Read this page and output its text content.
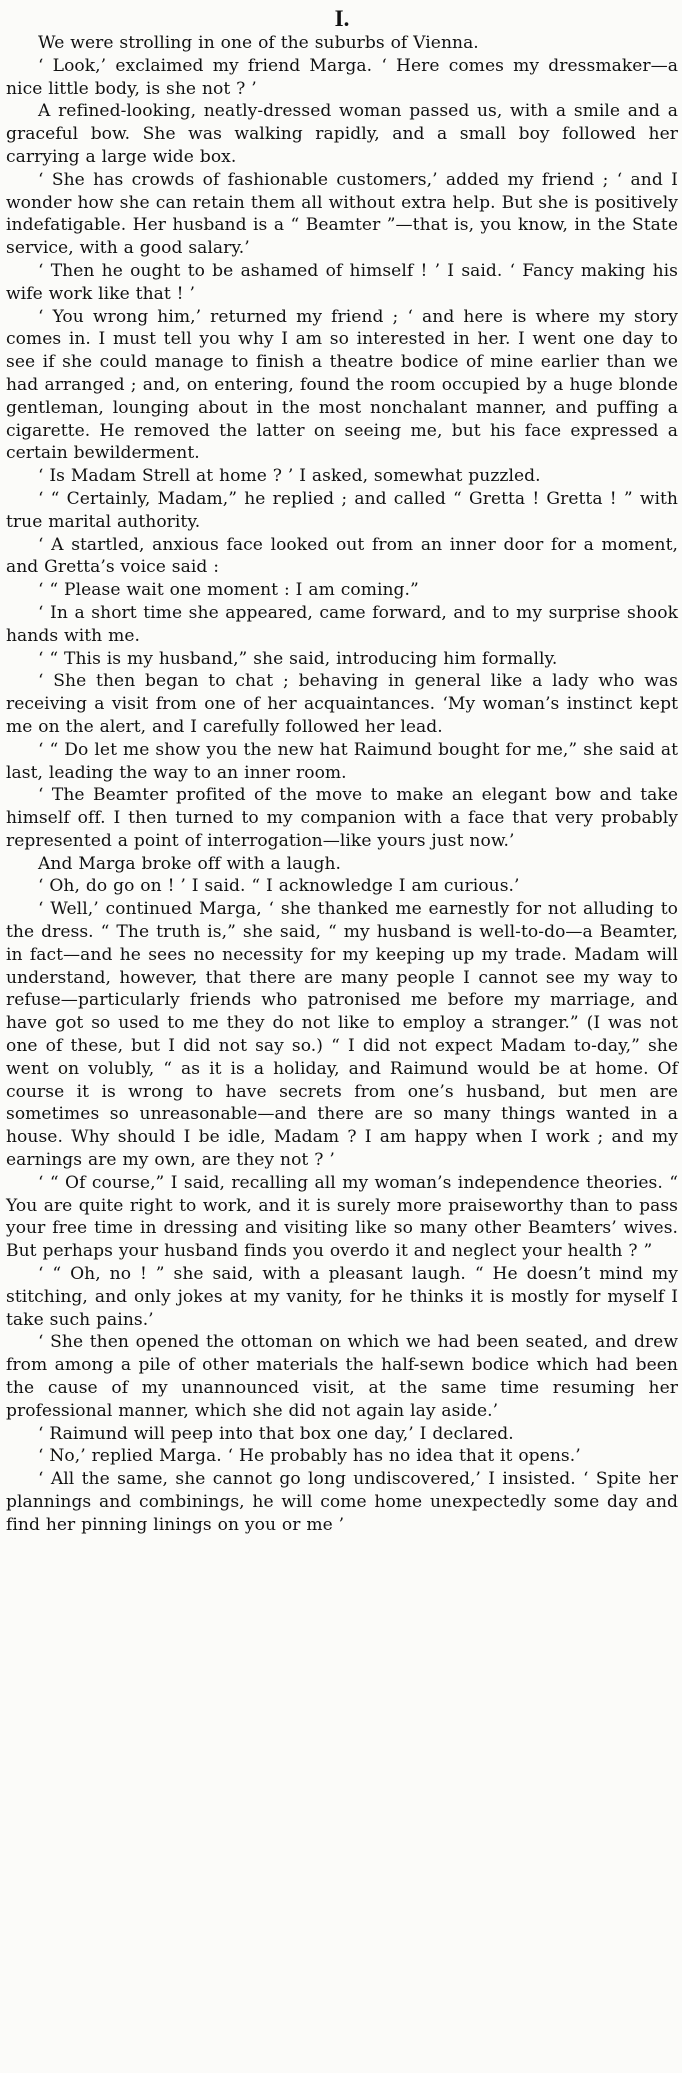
I.

We were strolling in one of the suburbs of Vienna.

‘ Look,’ exclaimed my friend Marga. ‘ Here comes my dressmaker—a nice little body, is she not ? ’

A refined-looking, neatly-dressed woman passed us, with a smile and a graceful bow. She was walking rapidly, and a small boy followed her carrying a large wide box.

‘ She has crowds of fashionable customers,’ added my friend ; ‘ and I wonder how she can retain them all without extra help. But she is positively indefatigable. Her husband is a “ Beamter ”—that is, you know, in the State service, with a good salary.’

‘ Then he ought to be ashamed of himself ! ’ I said. ‘ Fancy making his wife work like that ! ’

‘ You wrong him,’ returned my friend ; ‘ and here is where my story comes in. I must tell you why I am so interested in her. I went one day to see if she could manage to finish a theatre bodice of mine earlier than we had arranged ; and, on entering, found the room occupied by a huge blonde gentleman, lounging about in the most nonchalant manner, and puffing a cigarette. He removed the latter on seeing me, but his face expressed a certain bewilderment.

‘ Is Madam Strell at home ? ’ I asked, somewhat puzzled.

‘ “ Certainly, Madam,” he replied ; and called “ Gretta ! Gretta ! ” with true marital authority.

‘ A startled, anxious face looked out from an inner door for a moment, and Gretta’s voice said :

‘ “ Please wait one moment : I am coming.”

‘ In a short time she appeared, came forward, and to my surprise shook hands with me.

‘ “ This is my husband,” she said, introducing him formally.

‘ She then began to chat ; behaving in general like a lady who was receiving a visit from one of her acquaintances. ‘My woman’s instinct kept me on the alert, and I carefully followed her lead.

‘ “ Do let me show you the new hat Raimund bought for me,” she said at last, leading the way to an inner room.

‘ The Beamter profited of the move to make an elegant bow and take himself off. I then turned to my companion with a face that very probably represented a point of interrogation—like yours just now.’

And Marga broke off with a laugh.

‘ Oh, do go on ! ’ I said. “ I acknowledge I am curious.’

‘ Well,’ continued Marga, ‘ she thanked me earnestly for not alluding to the dress. “ The truth is,” she said, “ my husband is well-to-do—a Beamter, in fact—and he sees no necessity for my keeping up my trade. Madam will understand, however, that there are many people I cannot see my way to refuse—particularly friends who patronised me before my marriage, and have got so used to me they do not like to employ a stranger.” (I was not one of these, but I did not say so.) “ I did not expect Madam to-day,” she went on volubly, “ as it is a holiday, and Raimund would be at home. Of course it is wrong to have secrets from one’s husband, but men are sometimes so unreasonable—and there are so many things wanted in a house. Why should I be idle, Madam ? I am happy when I work ; and my earnings are my own, are they not ? ’

‘ “ Of course,” I said, recalling all my woman’s independence theories. “ You are quite right to work, and it is surely more praiseworthy than to pass your free time in dressing and visiting like so many other Beamters’ wives. But perhaps your husband finds you overdo it and neglect your health ? ”

‘ “ Oh, no ! ” she said, with a pleasant laugh. “ He doesn’t mind my stitching, and only jokes at my vanity, for he thinks it is mostly for myself I take such pains.’

‘ She then opened the ottoman on which we had been seated, and drew from among a pile of other materials the half-sewn bodice which had been the cause of my unannounced visit, at the same time resuming her professional manner, which she did not again lay aside.’

‘ Raimund will peep into that box one day,’ I declared.

‘ No,’ replied Marga. ‘ He probably has no idea that it opens.’

‘ All the same, she cannot go long undiscovered,’ I insisted. ‘ Spite her plannings and combinings, he will come home unexpectedly some day and find her pinning linings on you or me ’
